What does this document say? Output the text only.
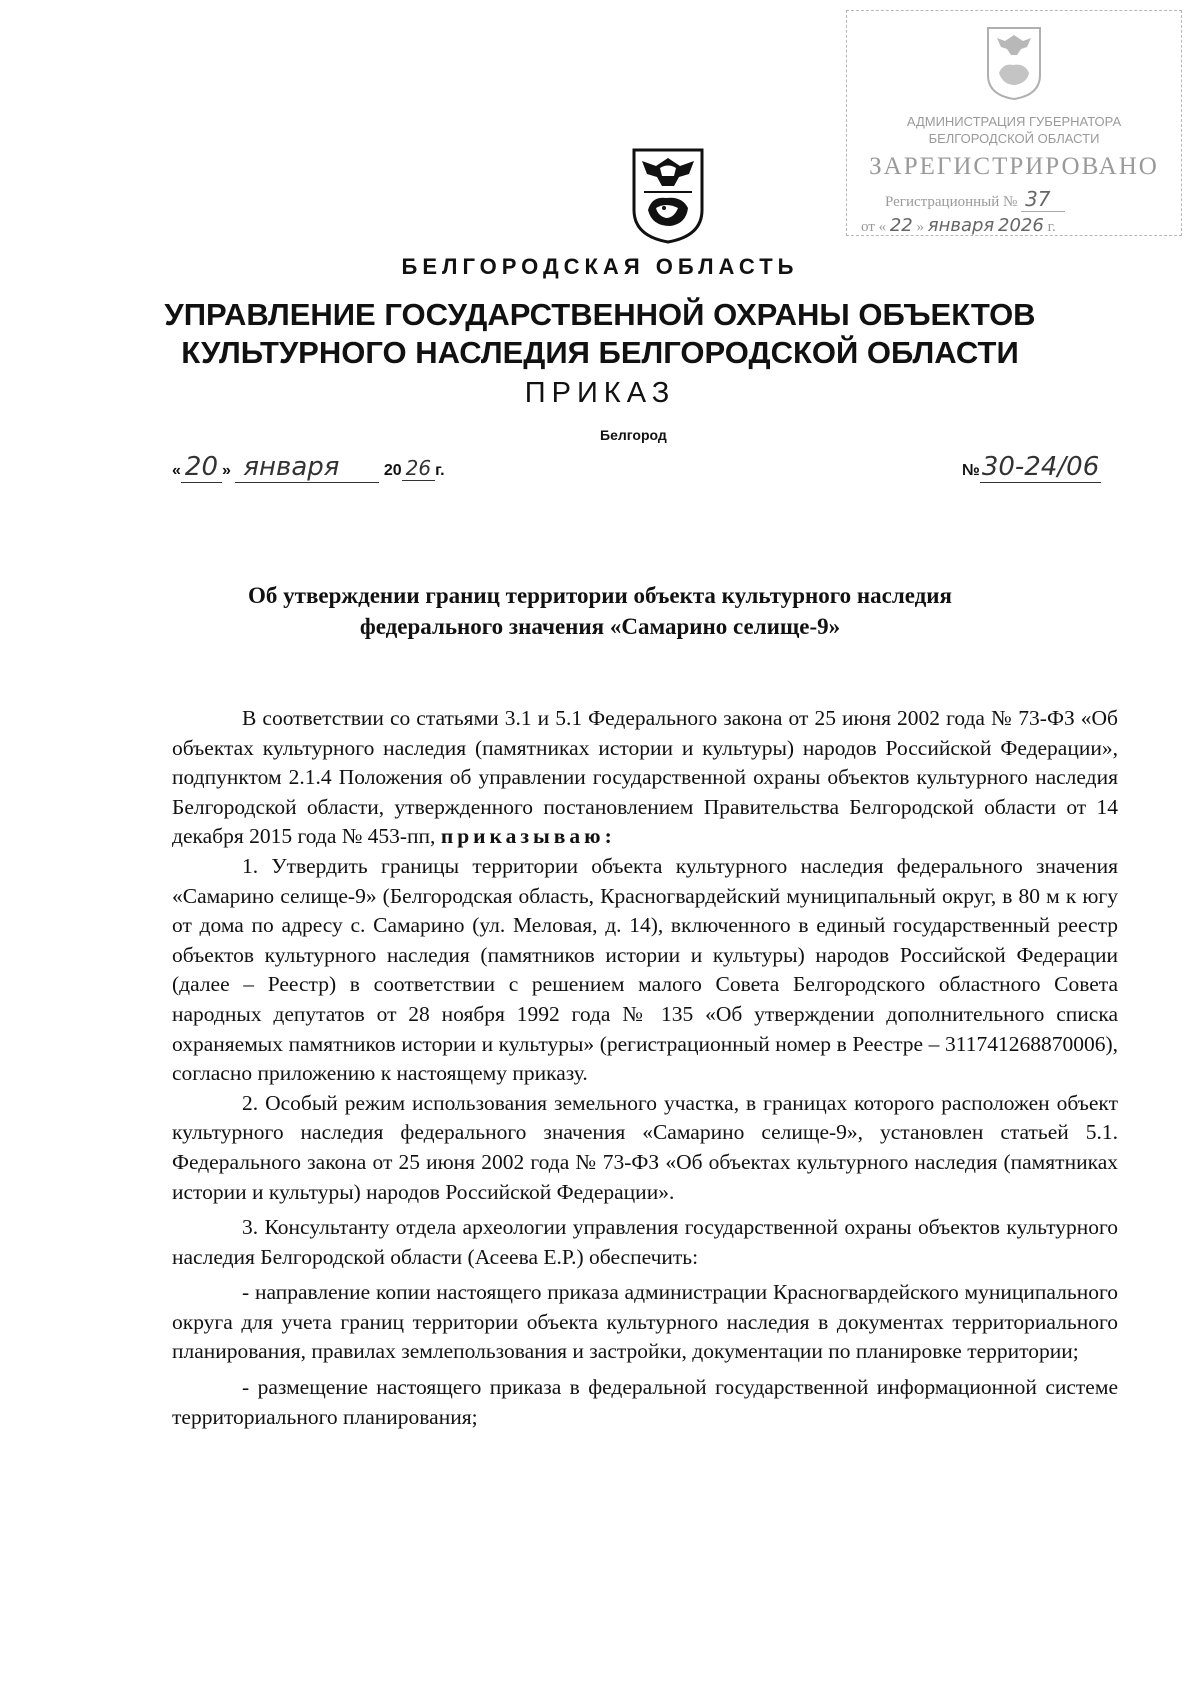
АДМИНИСТРАЦИЯ ГУБЕРНАТОРА
БЕЛГОРОДСКОЙ ОБЛАСТИ
ЗАРЕГИСТРИРОВАНО
Регистрационный № 37
от « 22 » января 2026 г.
БЕЛГОРОДСКАЯ ОБЛАСТЬ
УПРАВЛЕНИЕ ГОСУДАРСТВЕННОЙ ОХРАНЫ ОБЪЕКТОВ
КУЛЬТУРНОГО НАСЛЕДИЯ БЕЛГОРОДСКОЙ ОБЛАСТИ
ПРИКАЗ
Белгород
« 20 » января	20 26 г.	№30-24/06
Об утверждении границ территории объекта культурного наследия
федерального значения «Самарино селище-9»

В соответствии со статьями 3.1 и 5.1 Федерального закона от 25 июня 2002 года № 73-ФЗ «Об объектах культурного наследия (памятниках истории и культуры) народов Российской Федерации», подпунктом 2.1.4 Положения об управлении государственной охраны объектов культурного наследия Белгородской области, утвержденного постановлением Правительства Белгородской области от 14 декабря 2015 года № 453-пп, приказываю:

1. Утвердить границы территории объекта культурного наследия федерального значения «Самарино селище-9» (Белгородская область, Красногвардейский муниципальный округ, в 80 м к югу от дома по адресу с. Самарино (ул. Меловая, д. 14), включенного в единый государственный реестр объектов культурного наследия (памятников истории и культуры) народов Российской Федерации (далее – Реестр) в соответствии с решением малого Совета Белгородского областного Совета народных депутатов от 28 ноября 1992 года № 135 «Об утверждении дополнительного списка охраняемых памятников истории и культуры» (регистрационный номер в Реестре – 311741268870006), согласно приложению к настоящему приказу.

2. Особый режим использования земельного участка, в границах которого расположен объект культурного наследия федерального значения «Самарино селище-9», установлен статьей 5.1. Федерального закона от 25 июня 2002 года № 73-ФЗ «Об объектах культурного наследия (памятниках истории и культуры) народов Российской Федерации».

3. Консультанту отдела археологии управления государственной охраны объектов культурного наследия Белгородской области (Асеева Е.Р.) обеспечить:

- направление копии настоящего приказа администрации Красногвардейского муниципального округа для учета границ территории объекта культурного наследия в документах территориального планирования, правилах землепользования и застройки, документации по планировке территории;

- размещение настоящего приказа в федеральной государственной информационной системе территориального планирования;
